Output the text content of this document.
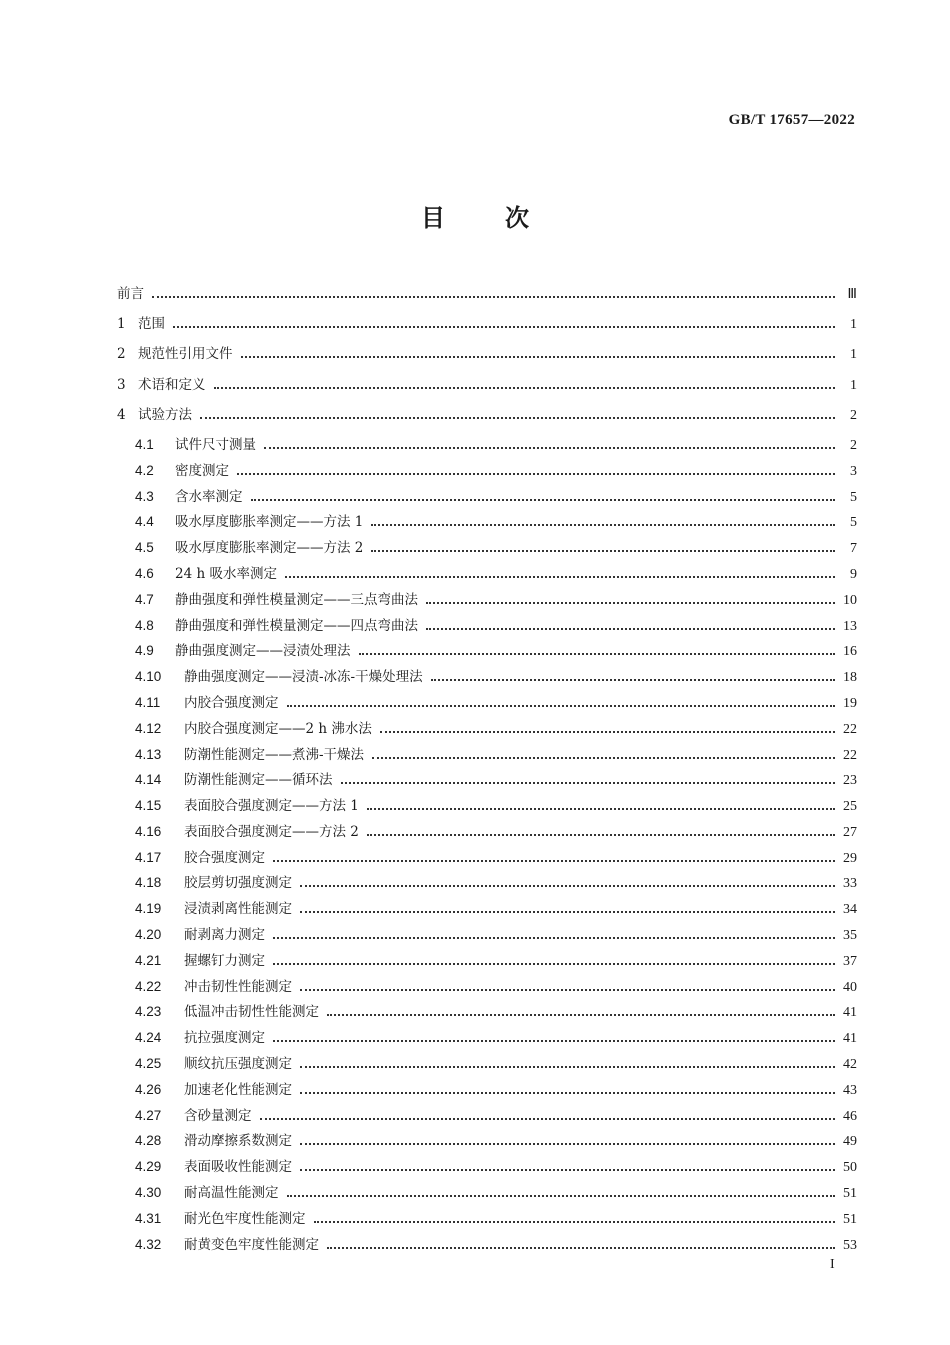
GB/T 17657—2022
目次
前言	Ⅲ
1 范围	1
2 规范性引用文件	1
3 术语和定义	1
4 试验方法	2
4.1	试件尺寸测量	2
4.2	密度测定	3
4.3	含水率测定	5
4.4	吸水厚度膨胀率测定——方法 1	5
4.5	吸水厚度膨胀率测定——方法 2	7
4.6	24 h 吸水率测定	9
4.7	静曲强度和弹性模量测定——三点弯曲法	10
4.8	静曲强度和弹性模量测定——四点弯曲法	13
4.9	静曲强度测定——浸渍处理法	16
4.10	静曲强度测定——浸渍-冰冻-干燥处理法	18
4.11	内胶合强度测定	19
4.12	内胶合强度测定——2 h 沸水法	22
4.13	防潮性能测定——煮沸-干燥法	22
4.14	防潮性能测定——循环法	23
4.15	表面胶合强度测定——方法 1	25
4.16	表面胶合强度测定——方法 2	27
4.17	胶合强度测定	29
4.18	胶层剪切强度测定	33
4.19	浸渍剥离性能测定	34
4.20	耐剥离力测定	35
4.21	握螺钉力测定	37
4.22	冲击韧性性能测定	40
4.23	低温冲击韧性性能测定	41
4.24	抗拉强度测定	41
4.25	顺纹抗压强度测定	42
4.26	加速老化性能测定	43
4.27	含砂量测定	46
4.28	滑动摩擦系数测定	49
4.29	表面吸收性能测定	50
4.30	耐高温性能测定	51
4.31	耐光色牢度性能测定	51
4.32	耐黄变色牢度性能测定	53
I
